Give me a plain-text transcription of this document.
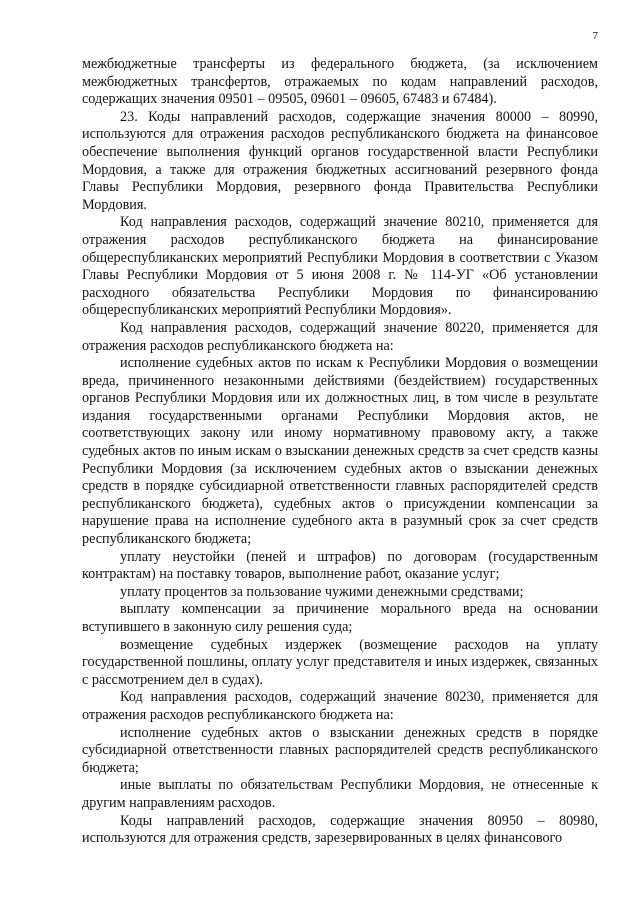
7

межбюджетные трансферты из федерального бюджета, (за исключением межбюджетных трансфертов, отражаемых по кодам направлений расходов, содержащих значения 09501 – 09505, 09601 – 09605, 67483 и 67484).

23. Коды направлений расходов, содержащие значения 80000 – 80990, используются для отражения расходов республиканского бюджета на финансовое обеспечение выполнения функций органов государственной власти Республики Мордовия, а также для отражения бюджетных ассигнований резервного фонда Главы Республики Мордовия, резервного фонда Правительства Республики Мордовия.

Код направления расходов, содержащий значение 80210, применяется для отражения расходов республиканского бюджета на финансирование общереспубликанских мероприятий Республики Мордовия в соответствии с Указом Главы Республики Мордовия от 5 июня 2008 г. № 114-УГ «Об установлении расходного обязательства Республики Мордовия по финансированию общереспубликанских мероприятий Республики Мордовия».

Код направления расходов, содержащий значение 80220, применяется для отражения расходов республиканского бюджета на:

исполнение судебных актов по искам к Республики Мордовия о возмещении вреда, причиненного незаконными действиями (бездействием) государственных органов Республики Мордовия или их должностных лиц, в том числе в результате издания государственными органами Республики Мордовия актов, не соответствующих закону или иному нормативному правовому акту, а также судебных актов по иным искам о взыскании денежных средств за счет средств казны Республики Мордовия (за исключением судебных актов о взыскании денежных средств в порядке субсидиарной ответственности главных распорядителей средств республиканского бюджета), судебных актов о присуждении компенсации за нарушение права на исполнение судебного акта в разумный срок за счет средств республиканского бюджета;

уплату неустойки (пеней и штрафов) по договорам (государственным контрактам) на поставку товаров, выполнение работ, оказание услуг;

уплату процентов за пользование чужими денежными средствами;

выплату компенсации за причинение морального вреда на основании вступившего в законную силу решения суда;

возмещение судебных издержек (возмещение расходов на уплату государственной пошлины, оплату услуг представителя и иных издержек, связанных с рассмотрением дел в судах).

Код направления расходов, содержащий значение 80230, применяется для отражения расходов республиканского бюджета на:

исполнение судебных актов о взыскании денежных средств в порядке субсидиарной ответственности главных распорядителей средств республиканского бюджета;

иные выплаты по обязательствам Республики Мордовия, не отнесенные к другим направлениям расходов.

Коды направлений расходов, содержащие значения 80950 – 80980, используются для отражения средств, зарезервированных в целях финансового
